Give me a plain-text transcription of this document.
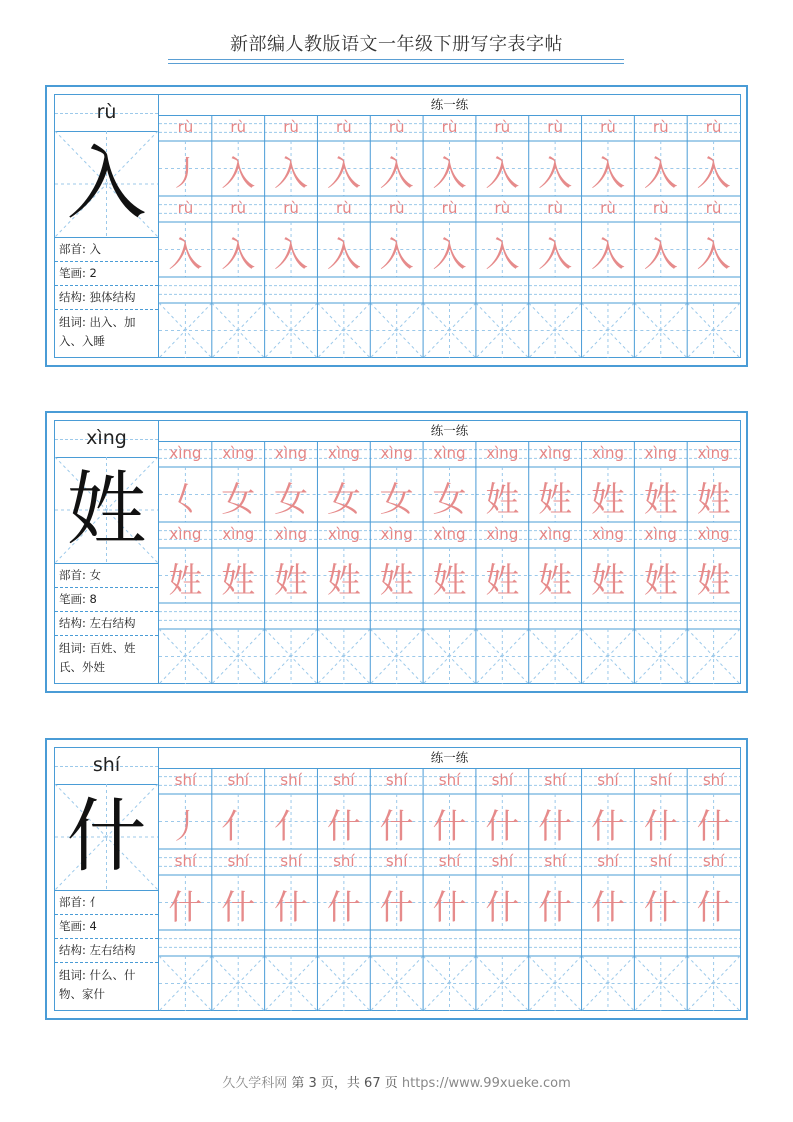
新部编人教版语文一年级下册写字表字帖
rù
入
部首: 入
笔画: 2
结构: 独体结构
组词: 出入、加入、入睡
练一练
rù rù rù rù rù rù rù rù rù rù rù
丿 入 入 入 入 入 入 入 入 入 入
rù rù rù rù rù rù rù rù rù rù rù
入 入 入 入 入 入 入 入 入 入 入
xìng
姓
部首: 女
笔画: 8
结构: 左右结构
组词: 百姓、姓氏、外姓
练一练
xìng xìng xìng xìng xìng xìng xìng xìng xìng xìng xìng
𡿨 女 女 女 女 女 姓 姓 姓 姓 姓
xìng xìng xìng xìng xìng xìng xìng xìng xìng xìng xìng
姓 姓 姓 姓 姓 姓 姓 姓 姓 姓 姓
shí
什
部首: 亻
笔画: 4
结构: 左右结构
组词: 什么、什物、家什
练一练
shí shí shí shí shí shí shí shí shí shí shí
丿 亻 亻 什 什 什 什 什 什 什 什
shí shí shí shí shí shí shí shí shí shí shí
什 什 什 什 什 什 什 什 什 什 什
久久学科网 第 3 页，共 67 页 https://www.99xueke.com
